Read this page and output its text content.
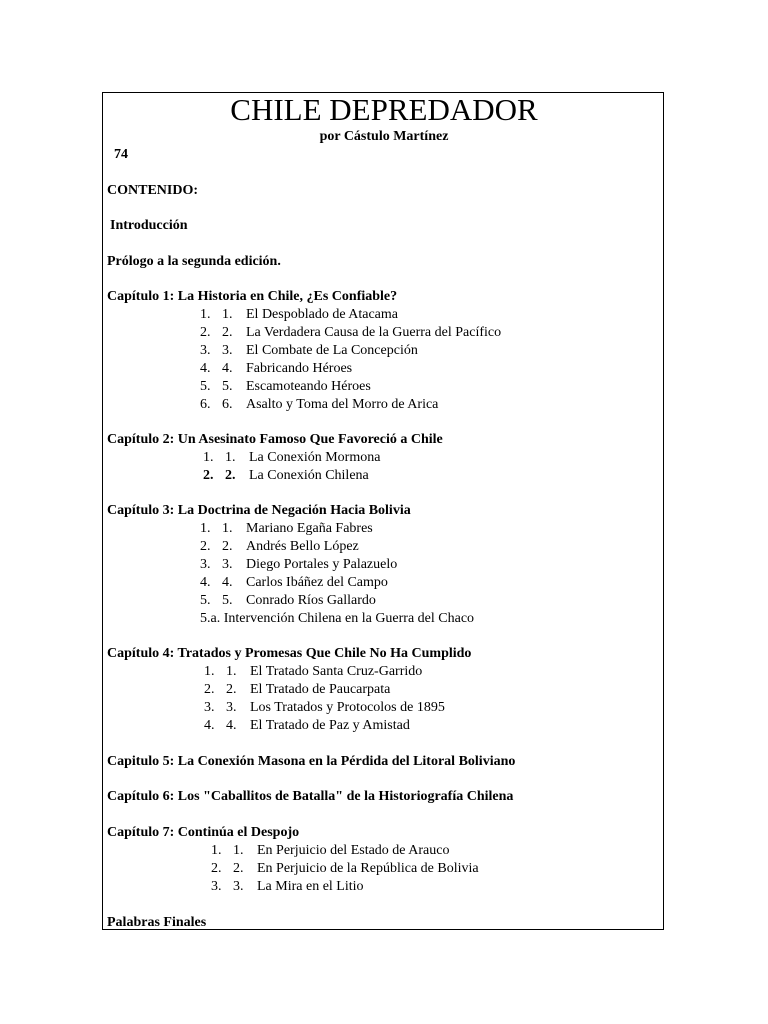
CHILE DEPREDADOR
por Cástulo Martínez
74
CONTENIDO:
Introducción
Prólogo a la segunda edición.
Capítulo 1: La Historia en Chile, ¿Es Confiable?
1. 1. El Despoblado de Atacama
2. 2. La Verdadera Causa de la Guerra del Pacífico
3. 3. El Combate de La Concepción
4. 4. Fabricando Héroes
5. 5. Escamoteando Héroes
6. 6. Asalto y Toma del Morro de Arica
Capítulo 2: Un Asesinato Famoso Que Favoreció a Chile
1. 1. La Conexión Mormona
2. 2. La Conexión Chilena
Capítulo 3: La Doctrina de Negación Hacia Bolivia
1. 1. Mariano Egaña Fabres
2. 2. Andrés Bello López
3. 3. Diego Portales y Palazuelo
4. 4. Carlos Ibáñez del Campo
5. 5. Conrado Ríos Gallardo
5.a. Intervención Chilena en la Guerra del Chaco
Capítulo 4: Tratados y Promesas Que Chile No Ha Cumplido
1. 1. El Tratado Santa Cruz-Garrido
2. 2. El Tratado de Paucarpata
3. 3. Los Tratados y Protocolos de 1895
4. 4. El Tratado de Paz y Amistad
Capitulo 5: La Conexión Masona en la Pérdida del Litoral Boliviano
Capítulo 6: Los "Caballitos de Batalla" de la Historiografía Chilena
Capítulo 7: Continúa el Despojo
1. 1. En Perjuicio del Estado de Arauco
2. 2. En Perjuicio de la República de Bolivia
3. 3. La Mira en el Litio
Palabras Finales
